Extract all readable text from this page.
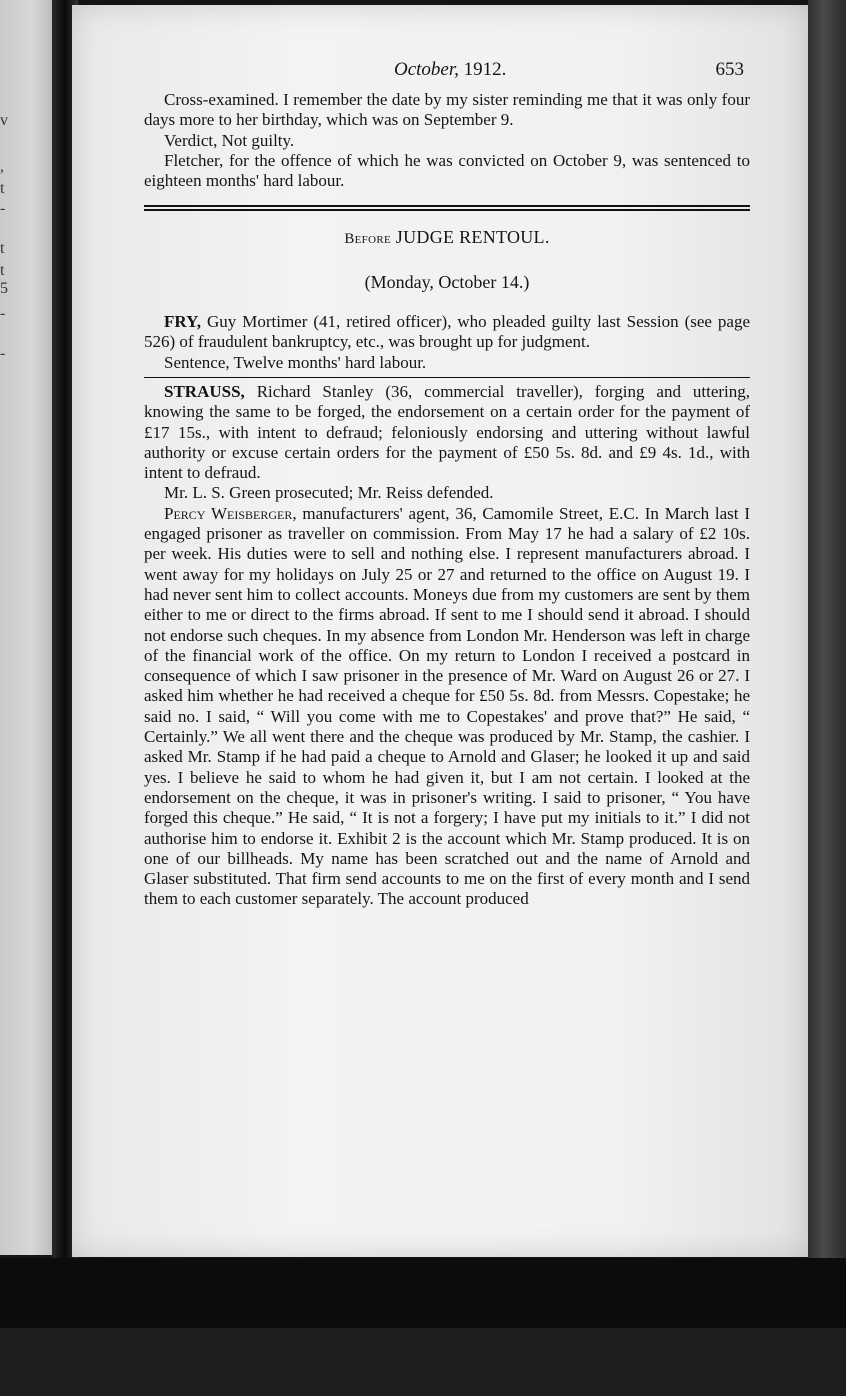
v
,
t
-
t
t
5
-
-
October, 1912.	653

Cross-examined. I remember the date by my sister reminding me that it was only four days more to her birthday, which was on September 9.

Verdict, Not guilty.

Fletcher, for the offence of which he was convicted on October 9, was sentenced to eighteen months' hard labour.

Before JUDGE RENTOUL.
(Monday, October 14.)

FRY, Guy Mortimer (41, retired officer), who pleaded guilty last Session (see page 526) of fraudulent bankruptcy, etc., was brought up for judgment.

Sentence, Twelve months' hard labour.

STRAUSS, Richard Stanley (36, commercial traveller), forging and uttering, knowing the same to be forged, the endorsement on a certain order for the payment of £17 15s., with intent to defraud; feloniously endorsing and uttering without lawful authority or excuse certain orders for the payment of £50 5s. 8d. and £9 4s. 1d., with intent to defraud.

Mr. L. S. Green prosecuted; Mr. Reiss defended.

Percy Weisberger, manufacturers' agent, 36, Camomile Street, E.C. In March last I engaged prisoner as traveller on commission. From May 17 he had a salary of £2 10s. per week. His duties were to sell and nothing else. I represent manufacturers abroad. I went away for my holidays on July 25 or 27 and returned to the office on August 19. I had never sent him to collect accounts. Moneys due from my customers are sent by them either to me or direct to the firms abroad. If sent to me I should send it abroad. I should not endorse such cheques. In my absence from London Mr. Henderson was left in charge of the financial work of the office. On my return to London I received a postcard in consequence of which I saw prisoner in the presence of Mr. Ward on August 26 or 27. I asked him whether he had received a cheque for £50 5s. 8d. from Messrs. Copestake; he said no. I said, “ Will you come with me to Copestakes' and prove that?” He said, “ Certainly.” We all went there and the cheque was produced by Mr. Stamp, the cashier. I asked Mr. Stamp if he had paid a cheque to Arnold and Glaser; he looked it up and said yes. I believe he said to whom he had given it, but I am not certain. I looked at the endorsement on the cheque, it was in prisoner's writing. I said to prisoner, “ You have forged this cheque.” He said, “ It is not a forgery; I have put my initials to it.” I did not authorise him to endorse it. Exhibit 2 is the account which Mr. Stamp produced. It is on one of our billheads. My name has been scratched out and the name of Arnold and Glaser substituted. That firm send accounts to me on the first of every month and I send them to each customer separately. The account produced
